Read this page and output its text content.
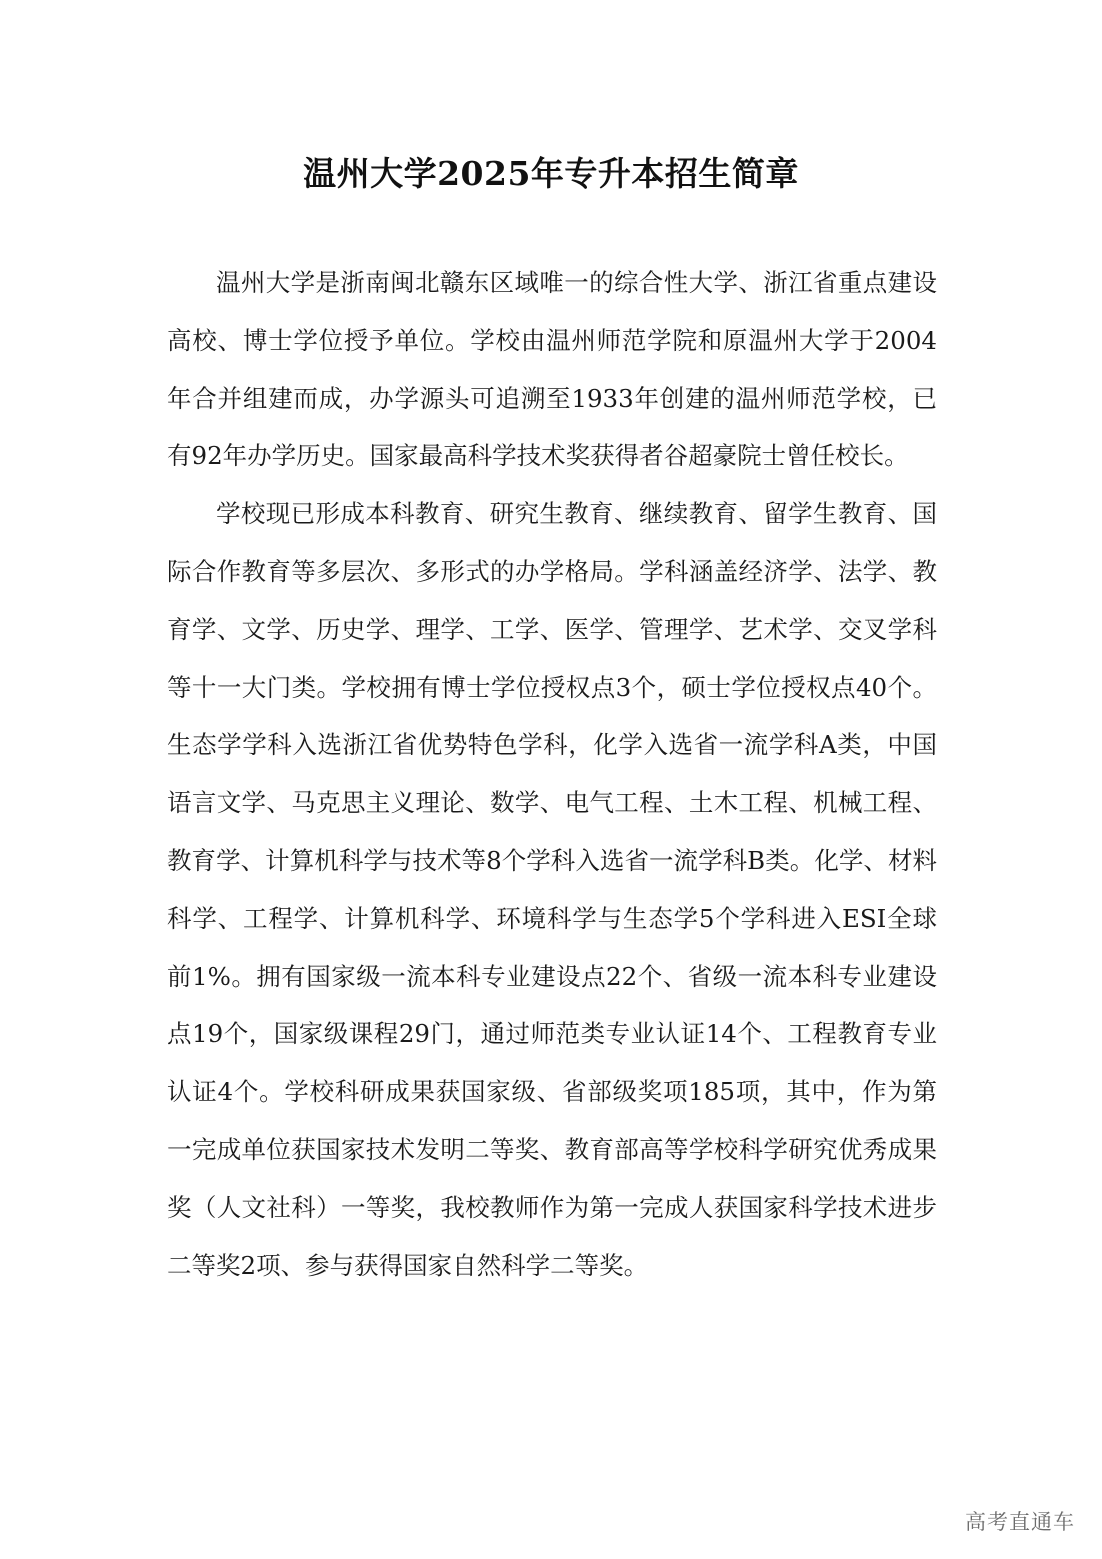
温州大学2025年专升本招生简章

温州大学是浙南闽北赣东区域唯一的综合性大学、浙江省重点建设高校、博士学位授予单位。学校由温州师范学院和原温州大学于2004年合并组建而成，办学源头可追溯至1933年创建的温州师范学校，已有92年办学历史。国家最高科学技术奖获得者谷超豪院士曾任校长。

学校现已形成本科教育、研究生教育、继续教育、留学生教育、国际合作教育等多层次、多形式的办学格局。学科涵盖经济学、法学、教育学、文学、历史学、理学、工学、医学、管理学、艺术学、交叉学科等十一大门类。学校拥有博士学位授权点3个，硕士学位授权点40个。生态学学科入选浙江省优势特色学科，化学入选省一流学科A类，中国语言文学、马克思主义理论、数学、电气工程、土木工程、机械工程、教育学、计算机科学与技术等8个学科入选省一流学科B类。化学、材料科学、工程学、计算机科学、环境科学与生态学5个学科进入ESI全球前1%。拥有国家级一流本科专业建设点22个、省级一流本科专业建设点19个，国家级课程29门，通过师范类专业认证14个、工程教育专业认证4个。学校科研成果获国家级、省部级奖项185项，其中，作为第一完成单位获国家技术发明二等奖、教育部高等学校科学研究优秀成果奖（人文社科）一等奖，我校教师作为第一完成人获国家科学技术进步二等奖2项、参与获得国家自然科学二等奖。

高考直通车
